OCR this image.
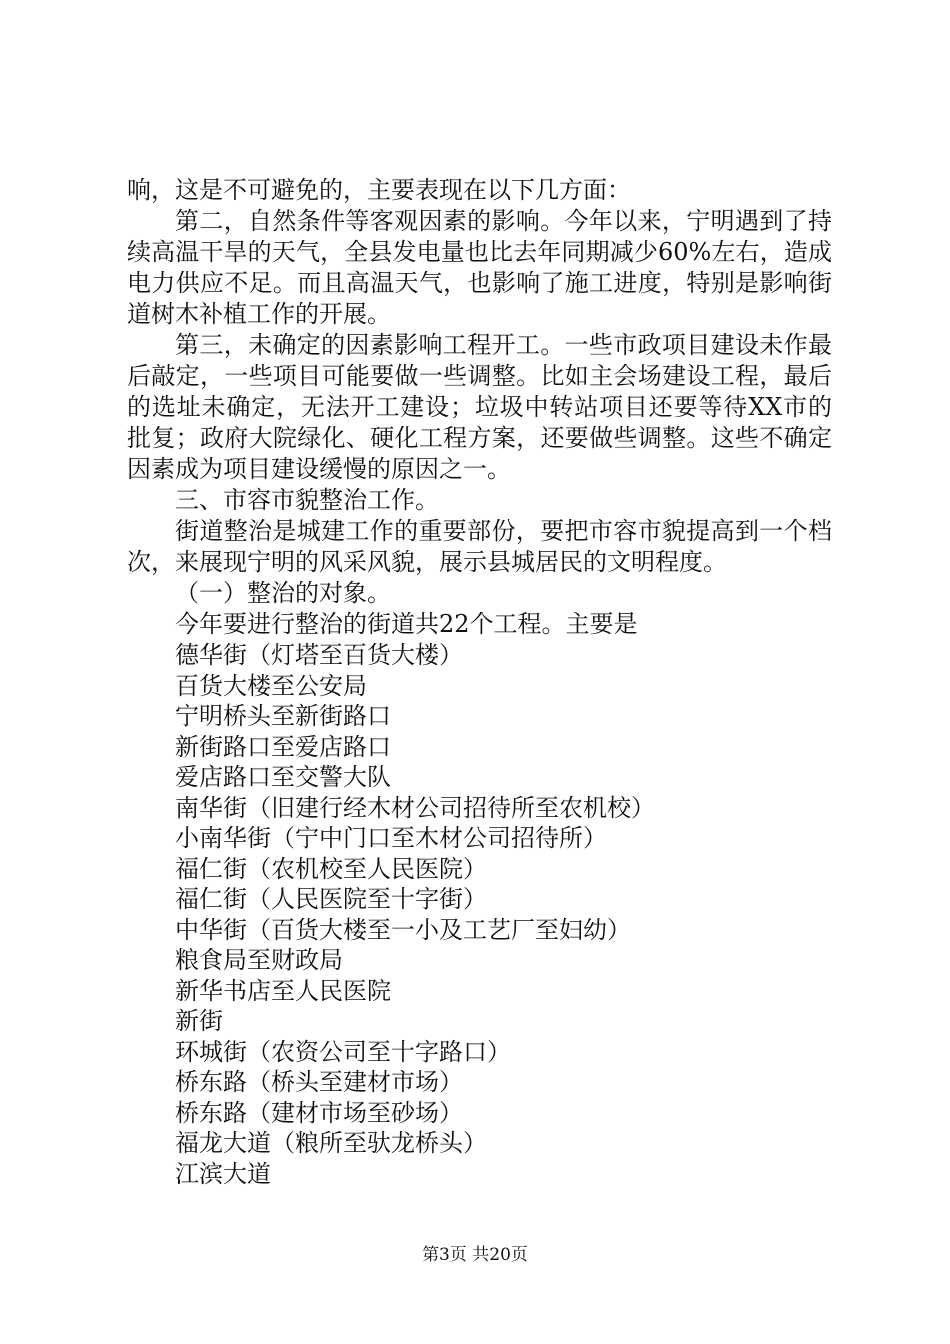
响，这是不可避免的，主要表现在以下几方面：

第二，自然条件等客观因素的影响。今年以来，宁明遇到了持续高温干旱的天气，全县发电量也比去年同期减少60%左右，造成电力供应不足。而且高温天气，也影响了施工进度，特别是影响街道树木补植工作的开展。

第三，未确定的因素影响工程开工。一些市政项目建设未作最后敲定，一些项目可能要做一些调整。比如主会场建设工程，最后的选址未确定，无法开工建设；垃圾中转站项目还要等待XX市的批复；政府大院绿化、硬化工程方案，还要做些调整。这些不确定因素成为项目建设缓慢的原因之一。

三、市容市貌整治工作。

街道整治是城建工作的重要部份，要把市容市貌提高到一个档次，来展现宁明的风采风貌，展示县城居民的文明程度。

（一）整治的对象。

今年要进行整治的街道共22个工程。主要是

德华街（灯塔至百货大楼）
百货大楼至公安局
宁明桥头至新街路口
新街路口至爱店路口
爱店路口至交警大队
南华街（旧建行经木材公司招待所至农机校）
小南华街（宁中门口至木材公司招待所）
福仁街（农机校至人民医院）
福仁街（人民医院至十字街）
中华街（百货大楼至一小及工艺厂至妇幼）
粮食局至财政局
新华书店至人民医院
新街
环城街（农资公司至十字路口）
桥东路（桥头至建材市场）
桥东路（建材市场至砂场）
福龙大道（粮所至驮龙桥头）
江滨大道
第3页 共20页
